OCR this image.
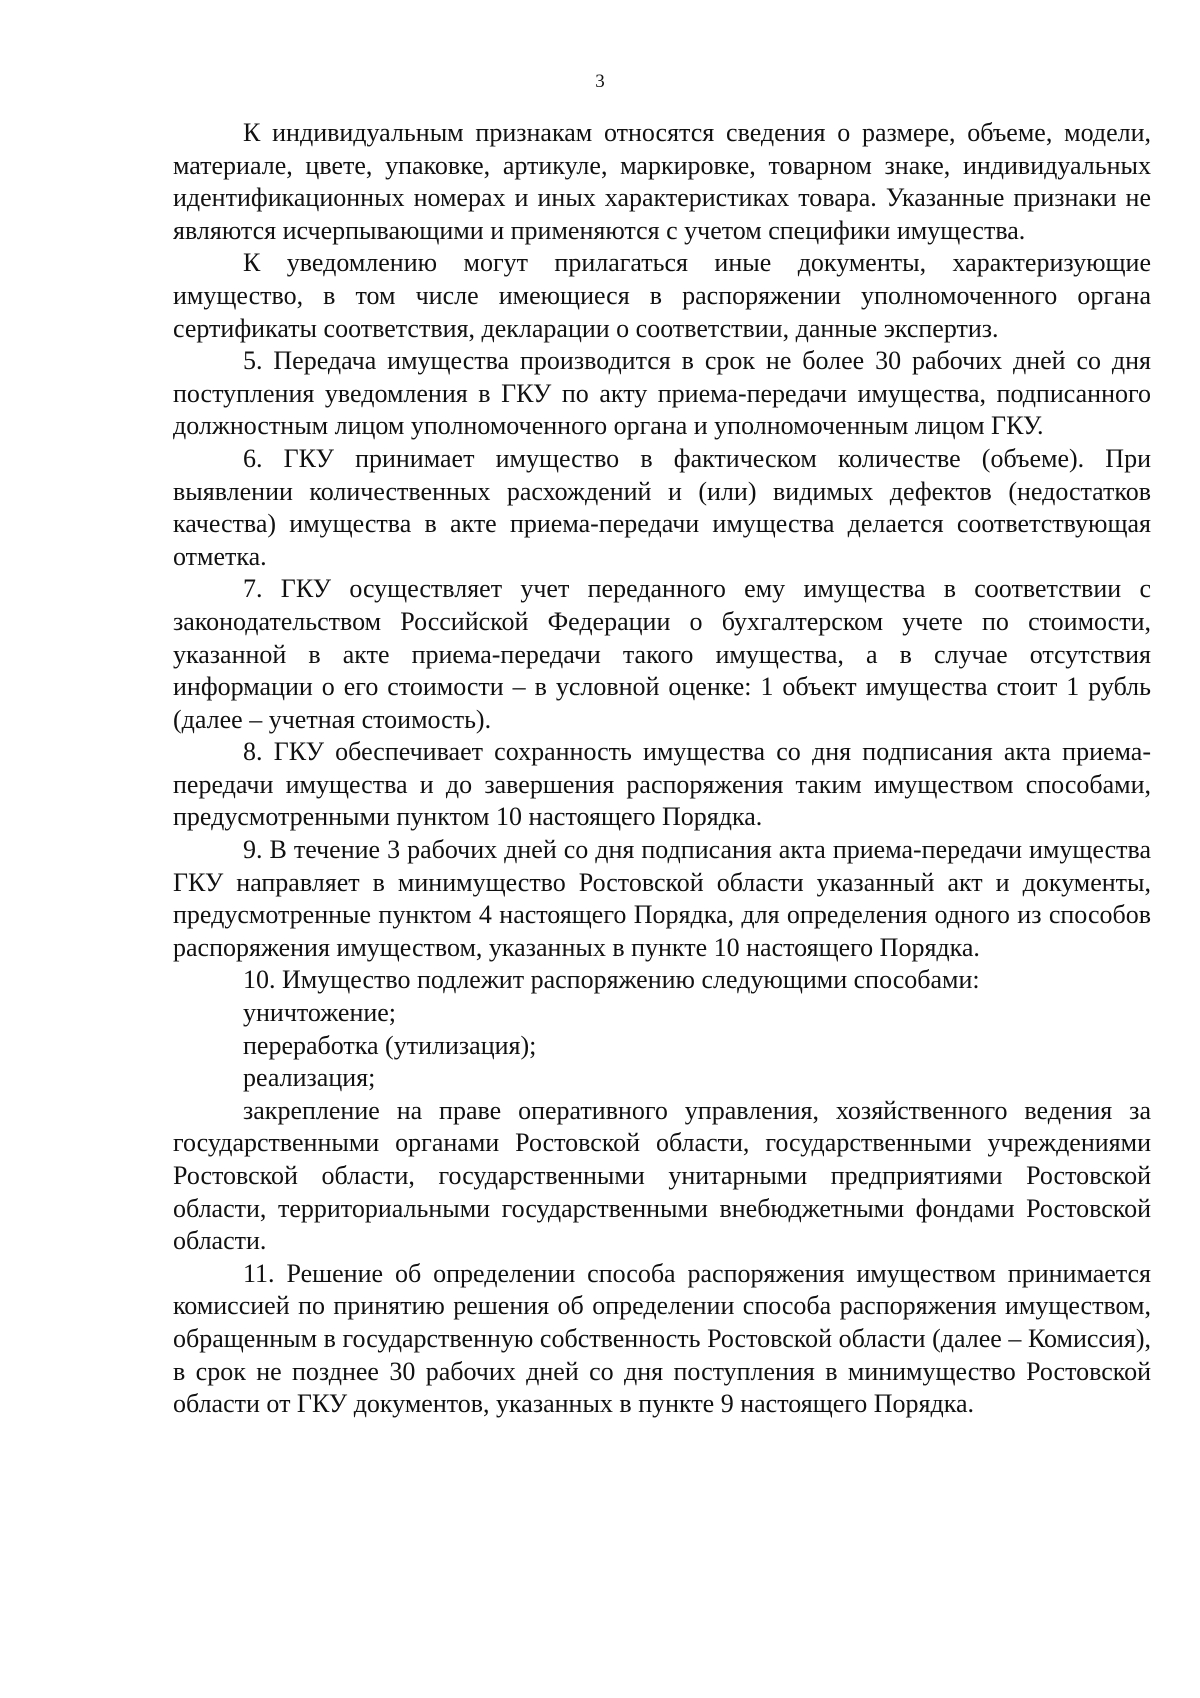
3

К индивидуальным признакам относятся сведения о размере, объеме, модели, материале, цвете, упаковке, артикуле, маркировке, товарном знаке, индивидуальных идентификационных номерах и иных характеристиках товара. Указанные признаки не являются исчерпывающими и применяются с учетом специфики имущества.

К уведомлению могут прилагаться иные документы, характеризующие имущество, в том числе имеющиеся в распоряжении уполномоченного органа сертификаты соответствия, декларации о соответствии, данные экспертиз.

5. Передача имущества производится в срок не более 30 рабочих дней со дня поступления уведомления в ГКУ по акту приема-передачи имущества, подписанного должностным лицом уполномоченного органа и уполномоченным лицом ГКУ.

6. ГКУ принимает имущество в фактическом количестве (объеме). При выявлении количественных расхождений и (или) видимых дефектов (недостатков качества) имущества в акте приема-передачи имущества делается соответствующая отметка.

7. ГКУ осуществляет учет переданного ему имущества в соответствии с законодательством Российской Федерации о бухгалтерском учете по стоимости, указанной в акте приема-передачи такого имущества, а в случае отсутствия информации о его стоимости – в условной оценке: 1 объект имущества стоит 1 рубль (далее – учетная стоимость).

8. ГКУ обеспечивает сохранность имущества со дня подписания акта приема-передачи имущества и до завершения распоряжения таким имуществом способами, предусмотренными пунктом 10 настоящего Порядка.

9. В течение 3 рабочих дней со дня подписания акта приема-передачи имущества ГКУ направляет в минимущество Ростовской области указанный акт и документы, предусмотренные пунктом 4 настоящего Порядка, для определения одного из способов распоряжения имуществом, указанных в пункте 10 настоящего Порядка.

10. Имущество подлежит распоряжению следующими способами:

уничтожение;

переработка (утилизация);

реализация;

закрепление на праве оперативного управления, хозяйственного ведения за государственными органами Ростовской области, государственными учреждениями Ростовской области, государственными унитарными предприятиями Ростовской области, территориальными государственными внебюджетными фондами Ростовской области.

11. Решение об определении способа распоряжения имуществом принимается комиссией по принятию решения об определении способа распоряжения имуществом, обращенным в государственную собственность Ростовской области (далее – Комиссия), в срок не позднее 30 рабочих дней со дня поступления в минимущество Ростовской области от ГКУ документов, указанных в пункте 9 настоящего Порядка.
